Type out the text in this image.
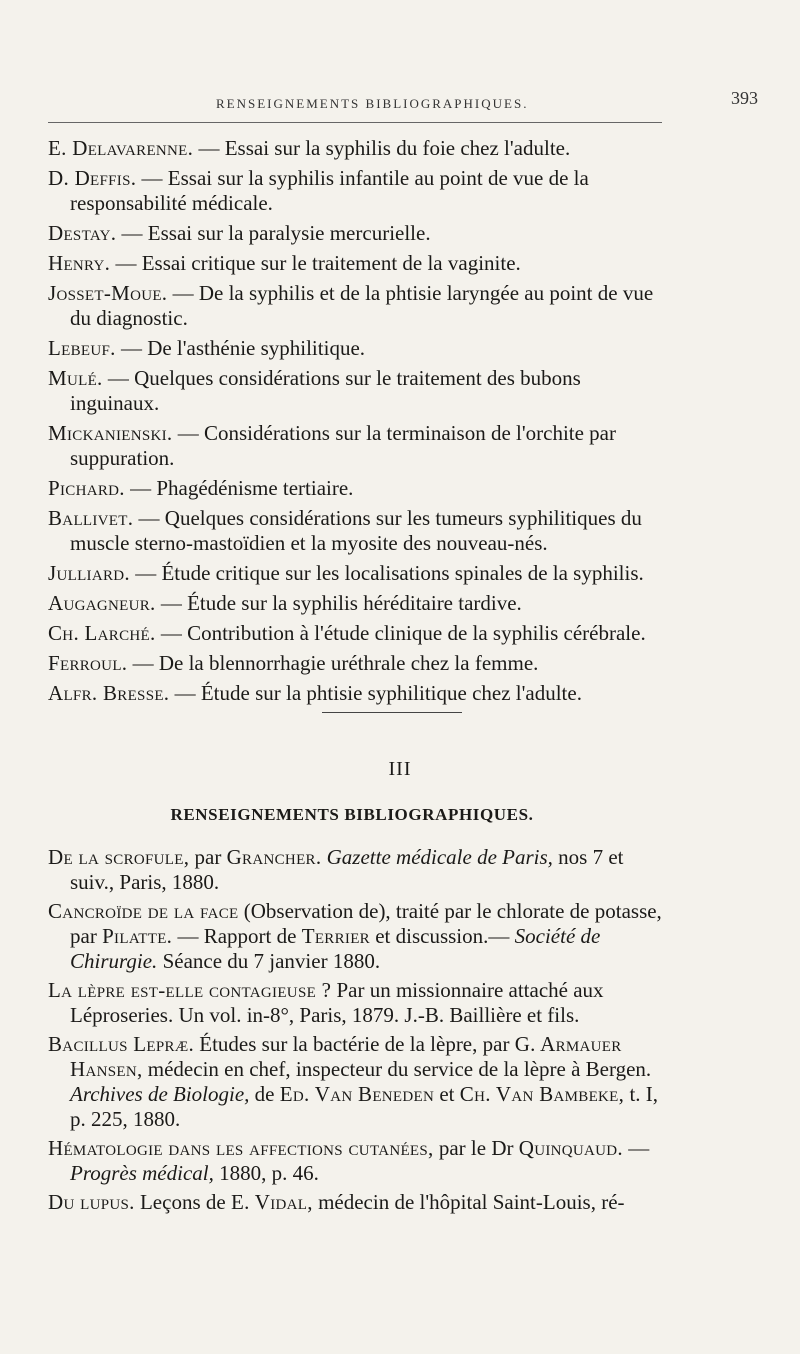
RENSEIGNEMENTS BIBLIOGRAPHIQUES.	393

E. Delavarenne. — Essai sur la syphilis du foie chez l'adulte.

D. Deffis. — Essai sur la syphilis infantile au point de vue de la responsabilité médicale.

Destay. — Essai sur la paralysie mercurielle.

Henry. — Essai critique sur le traitement de la vaginite.

Josset-Moue. — De la syphilis et de la phtisie laryngée au point de vue du diagnostic.

Lebeuf. — De l'asthénie syphilitique.

Mulé. — Quelques considérations sur le traitement des bubons inguinaux.

Mickanienski. — Considérations sur la terminaison de l'orchite par suppuration.

Pichard. — Phagédénisme tertiaire.

Ballivet. — Quelques considérations sur les tumeurs syphilitiques du muscle sterno-mastoïdien et la myosite des nouveau-nés.

Julliard. — Étude critique sur les localisations spinales de la syphilis.

Augagneur. — Étude sur la syphilis héréditaire tardive.

Ch. Larché. — Contribution à l'étude clinique de la syphilis cérébrale.

Ferroul. — De la blennorrhagie uréthrale chez la femme.

Alfr. Bresse. — Étude sur la phtisie syphilitique chez l'adulte.

III
RENSEIGNEMENTS BIBLIOGRAPHIQUES.

De la scrofule, par Grancher. Gazette médicale de Paris, nos 7 et suiv., Paris, 1880.

Cancroïde de la face (Observation de), traité par le chlorate de potasse, par Pilatte. — Rapport de Terrier et discussion.— Société de Chirurgie. Séance du 7 janvier 1880.

La lèpre est-elle contagieuse ? Par un missionnaire attaché aux Léproseries. Un vol. in-8°, Paris, 1879. J.-B. Baillière et fils.

Bacillus Lepræ. Études sur la bactérie de la lèpre, par G. Armauer Hansen, médecin en chef, inspecteur du service de la lèpre à Bergen. Archives de Biologie, de Ed. Van Beneden et Ch. Van Bambeke, t. I, p. 225, 1880.

Hématologie dans les affections cutanées, par le Dr Quinquaud. — Progrès médical, 1880, p. 46.

Du lupus. Leçons de E. Vidal, médecin de l'hôpital Saint-Louis, ré-
